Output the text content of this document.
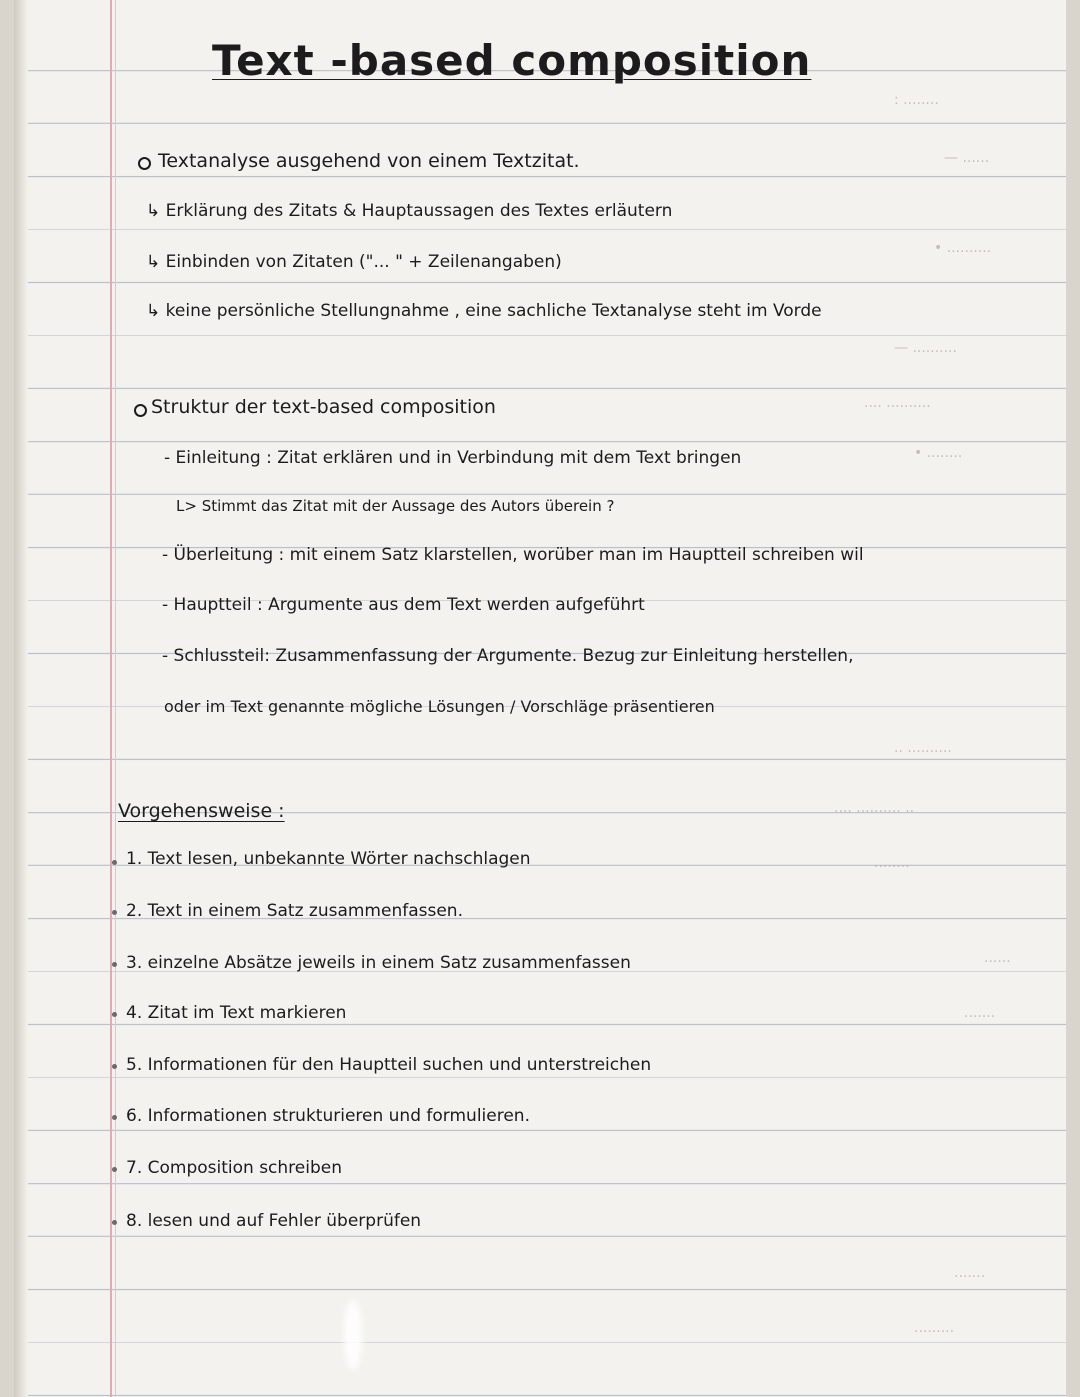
: ........
— ......
• ..........
— ..........
.... ..........
• ........
.. ..........
.... .......... ..
........
......
.......
.......
.........
Text -based composition
Textanalyse ausgehend von einem Textzitat.
↳ Erklärung des Zitats & Hauptaussagen des Textes erläutern
↳ Einbinden von Zitaten ("... " + Zeilenangaben)
↳ keine persönliche Stellungnahme , eine sachliche Textanalyse steht im Vorde
Struktur der text-based composition
- Einleitung : Zitat erklären und in Verbindung mit dem Text bringen
L> Stimmt das Zitat mit der Aussage des Autors überein ?
- Überleitung : mit einem Satz klarstellen, worüber man im Hauptteil schreiben wil
- Hauptteil : Argumente aus dem Text werden aufgeführt
- Schlussteil: Zusammenfassung der Argumente. Bezug zur Einleitung herstellen,
oder im Text genannte mögliche Lösungen / Vorschläge präsentieren
Vorgehensweise :
1. Text lesen, unbekannte Wörter nachschlagen
2. Text in einem Satz zusammenfassen.
3. einzelne Absätze jeweils in einem Satz zusammenfassen
4. Zitat im Text markieren
5. Informationen für den Hauptteil suchen und unterstreichen
6. Informationen strukturieren und formulieren.
7. Composition schreiben
8. lesen und auf Fehler überprüfen
